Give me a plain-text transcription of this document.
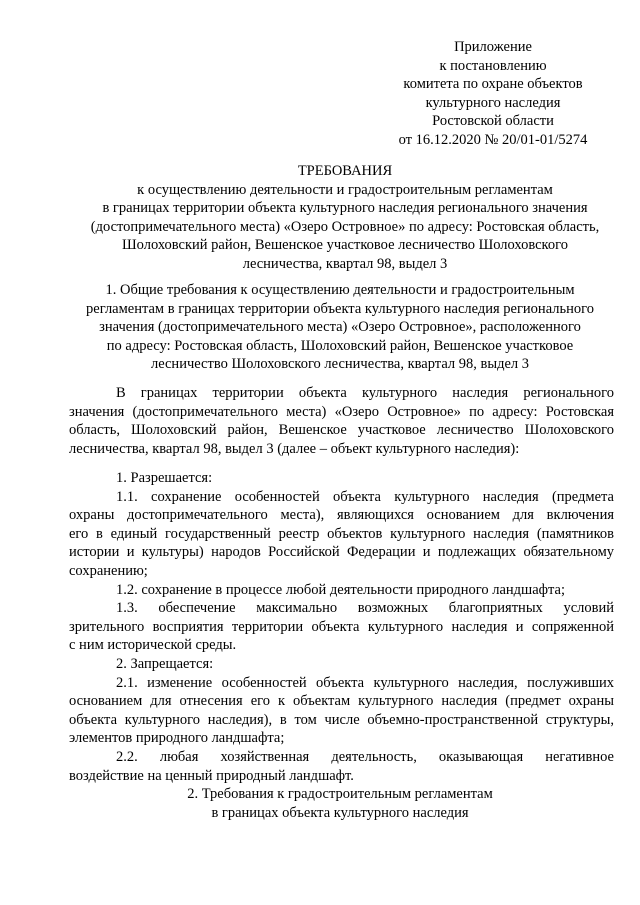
Приложение
к постановлению
комитета по охране объектов
культурного наследия
Ростовской области
от 16.12.2020 № 20/01-01/5274
ТРЕБОВАНИЯ
к осуществлению деятельности и градостроительным регламентам
в границах территории объекта культурного наследия регионального значения
(достопримечательного места) «Озеро Островное» по адресу: Ростовская область,
Шолоховский район, Вешенское участковое лесничество Шолоховского
лесничества, квартал 98, выдел 3
1. Общие требования к осуществлению деятельности и градостроительным
регламентам в границах территории объекта культурного наследия регионального
значения (достопримечательного места) «Озеро Островное», расположенного
по адресу: Ростовская область, Шолоховский район, Вешенское участковое
лесничество Шолоховского лесничества, квартал 98, выдел 3
В границах территории объекта культурного наследия регионального
значения (достопримечательного места) «Озеро Островное» по адресу: Ростовская
область, Шолоховский район, Вешенское участковое лесничество Шолоховского
лесничества, квартал 98, выдел 3 (далее – объект культурного наследия):
1. Разрешается:
1.1. сохранение особенностей объекта культурного наследия (предмета
охраны достопримечательного места), являющихся основанием для включения
его в единый государственный реестр объектов культурного наследия (памятников
истории и культуры) народов Российской Федерации и подлежащих обязательному
сохранению;
1.2. сохранение в процессе любой деятельности природного ландшафта;
1.3. обеспечение максимально возможных благоприятных условий
зрительного восприятия территории объекта культурного наследия и сопряженной
с ним исторической среды.
2. Запрещается:
2.1. изменение особенностей объекта культурного наследия, послуживших
основанием для отнесения его к объектам культурного наследия (предмет охраны
объекта культурного наследия), в том числе объемно-пространственной структуры,
элементов природного ландшафта;
2.2. любая хозяйственная деятельность, оказывающая негативное
воздействие на ценный природный ландшафт.
2. Требования к градостроительным регламентам
в границах объекта культурного наследия
